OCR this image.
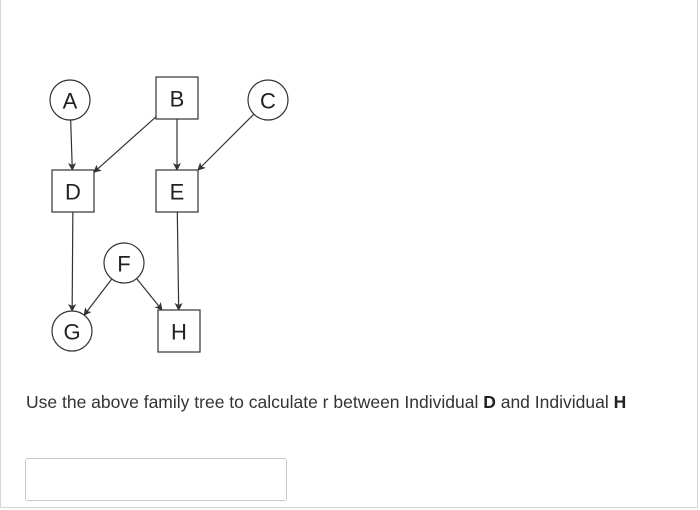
A	B	C
D	E
F
G	H
Use the above family tree to calculate r between Individual D and Individual H
